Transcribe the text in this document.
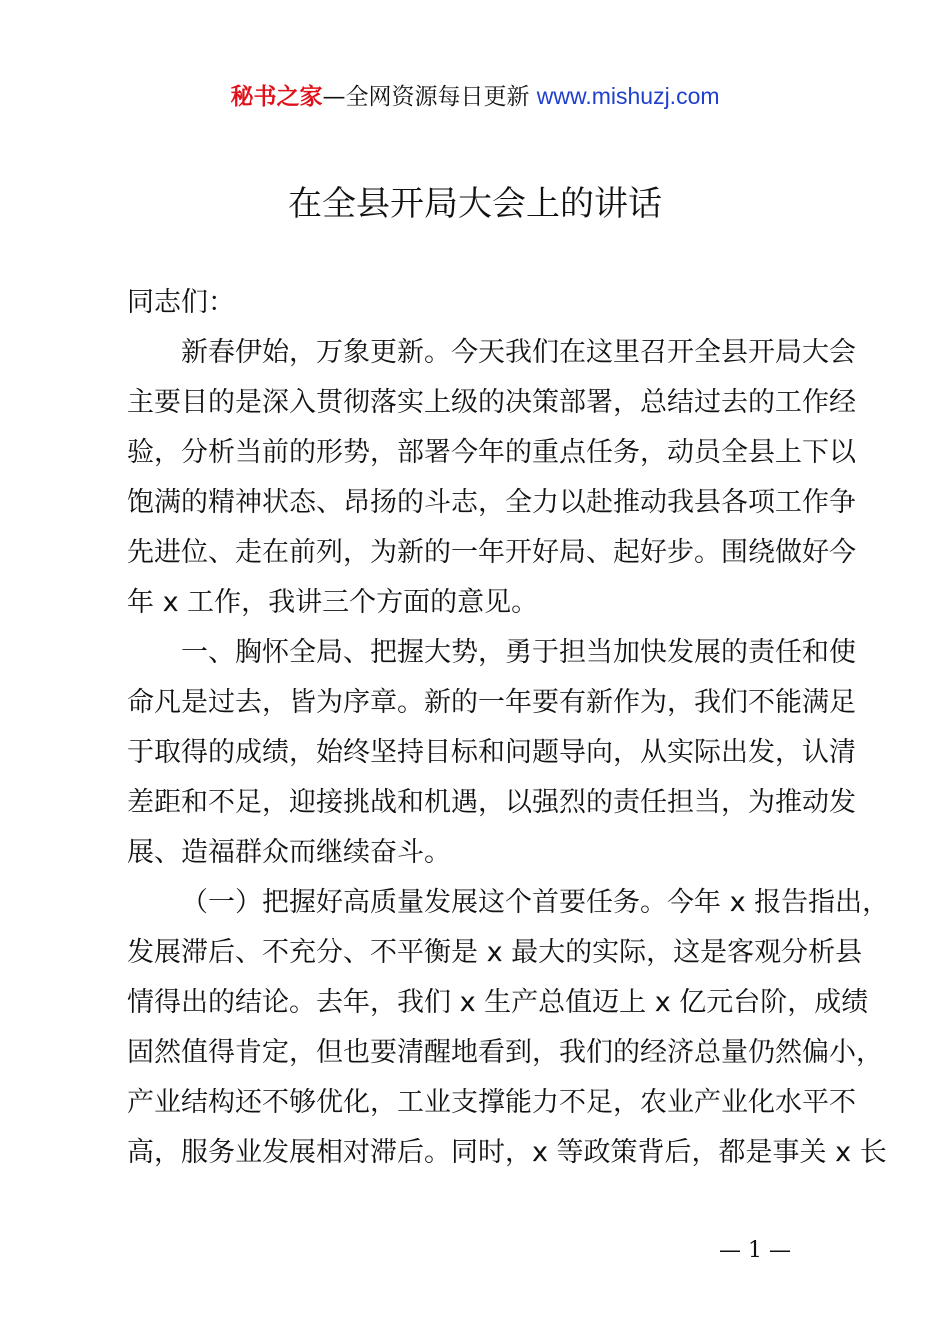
秘书之家—全网资源每日更新 www.mishuzj.com
在全县开局大会上的讲话
同志们：
新春伊始，万象更新。今天我们在这里召开全县开局大会
主要目的是深入贯彻落实上级的决策部署，总结过去的工作经
验，分析当前的形势，部署今年的重点任务，动员全县上下以
饱满的精神状态、昂扬的斗志，全力以赴推动我县各项工作争
先进位、走在前列，为新的一年开好局、起好步。围绕做好今
年 x 工作，我讲三个方面的意见。
一、胸怀全局、把握大势，勇于担当加快发展的责任和使
命凡是过去，皆为序章。新的一年要有新作为，我们不能满足
于取得的成绩，始终坚持目标和问题导向，从实际出发，认清
差距和不足，迎接挑战和机遇，以强烈的责任担当，为推动发
展、造福群众而继续奋斗。
（一）把握好高质量发展这个首要任务。今年 x 报告指出，
发展滞后、不充分、不平衡是 x 最大的实际，这是客观分析县
情得出的结论。去年，我们 x 生产总值迈上 x 亿元台阶，成绩
固然值得肯定，但也要清醒地看到，我们的经济总量仍然偏小，
产业结构还不够优化，工业支撑能力不足，农业产业化水平不
高，服务业发展相对滞后。同时，x 等政策背后，都是事关 x 长
— 1 —
